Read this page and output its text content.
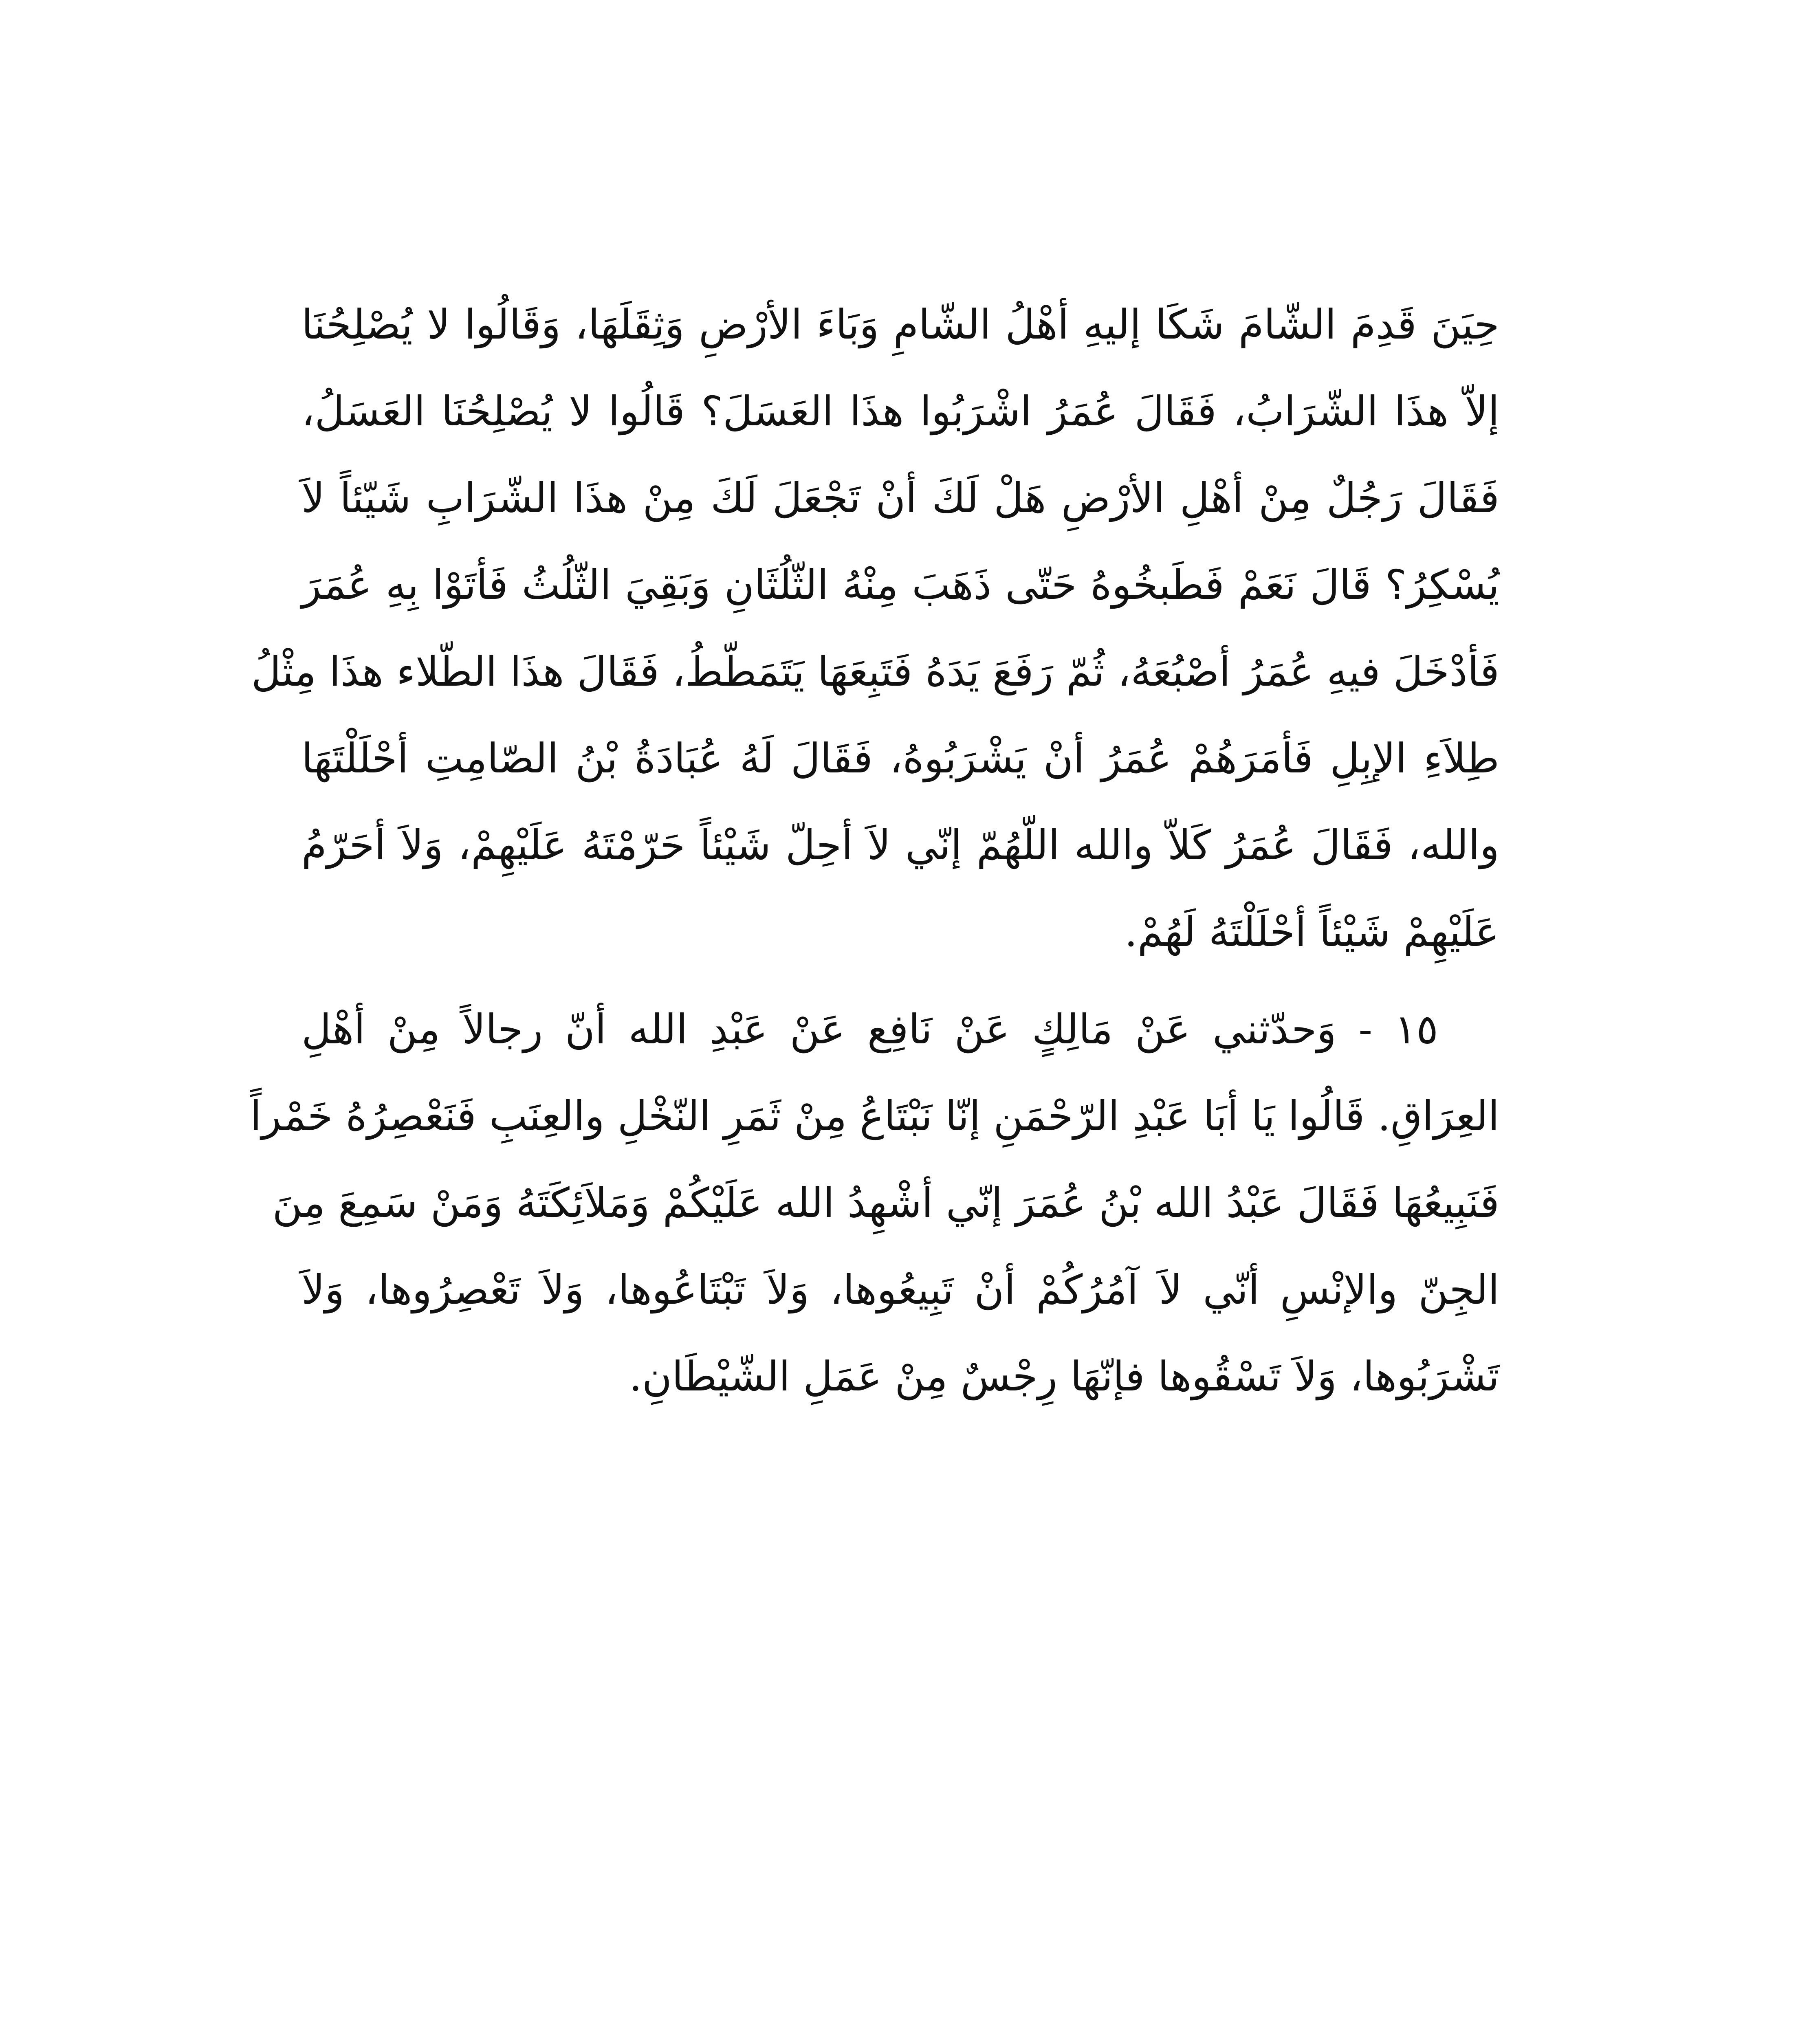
حِيَنَ قَدِمَ الشّامَ شَكَا إليهِ أهْلُ الشّامِ وَبَاءَ الأرْضِ وَثِقَلَهَا، وَقَالُوا لا يُصْلِحُنَا
إلاّ هذَا الشّرَابُ، فَقَالَ عُمَرُ اشْرَبُوا هذَا العَسَلَ؟ قَالُوا لا يُصْلِحُنَا العَسَلُ،
فَقَالَ رَجُلٌ مِنْ أهْلِ الأرْضِ هَلْ لَكَ أنْ تَجْعَلَ لَكَ مِنْ هذَا الشّرَابِ شَيّئاً لاَ
يُسْكِرُ؟ قَالَ نَعَمْ فَطَبخُوهُ حَتّى ذَهَبَ مِنْهُ الثّلُثَانِ وَبَقِيَ الثّلُثُ فَأتَوْا بِهِ عُمَرَ
فَأدْخَلَ فيهِ عُمَرُ أصْبُعَهُ، ثُمّ رَفَعَ يَدَهُ فَتَبِعَهَا يَتَمَطّطُ، فَقَالَ هذَا الطّلاء هذَا مِثْلُ
طِلاَءِ الإبِلِ فَأمَرَهُمْ عُمَرُ أنْ يَشْرَبُوهُ، فَقَالَ لَهُ عُبَادَةُ بْنُ الصّامِتِ أحْلَلْتَهَا
والله، فَقَالَ عُمَرُ كَلاّ والله اللّهُمّ إنّي لاَ أحِلّ شَيْئاً حَرّمْتَهُ عَلَيْهِمْ، وَلاَ أحَرّمُ
عَلَيْهِمْ شَيْئاً أحْلَلْتَهُ لَهُمْ.
١٥ - وَحدّثني عَنْ مَالِكٍ عَنْ نَافِع عَنْ عَبْدِ الله أنّ رجالاً مِنْ أهْلِ
العِرَاقِ. قَالُوا يَا أبَا عَبْدِ الرّحْمَنِ إنّا نَبْتَاعُ مِنْ ثَمَرِ النّخْلِ والعِنَبِ فَنَعْصِرُهُ خَمْراً
فَنَبِيعُهَا فَقَالَ عَبْدُ الله بْنُ عُمَرَ إنّي أشْهِدُ الله عَلَيْكُمْ وَمَلاَئِكَتَهُ وَمَنْ سَمِعَ مِنَ
الجِنّ والإنْسِ أنّي لاَ آمُرُكُمْ أنْ تَبِيعُوها، وَلاَ تَبْتَاعُوها، وَلاَ تَعْصِرُوها، وَلاَ
تَشْرَبُوها، وَلاَ تَسْقُوها فإنّهَا رِجْسٌ مِنْ عَمَلِ الشّيْطَانِ.
